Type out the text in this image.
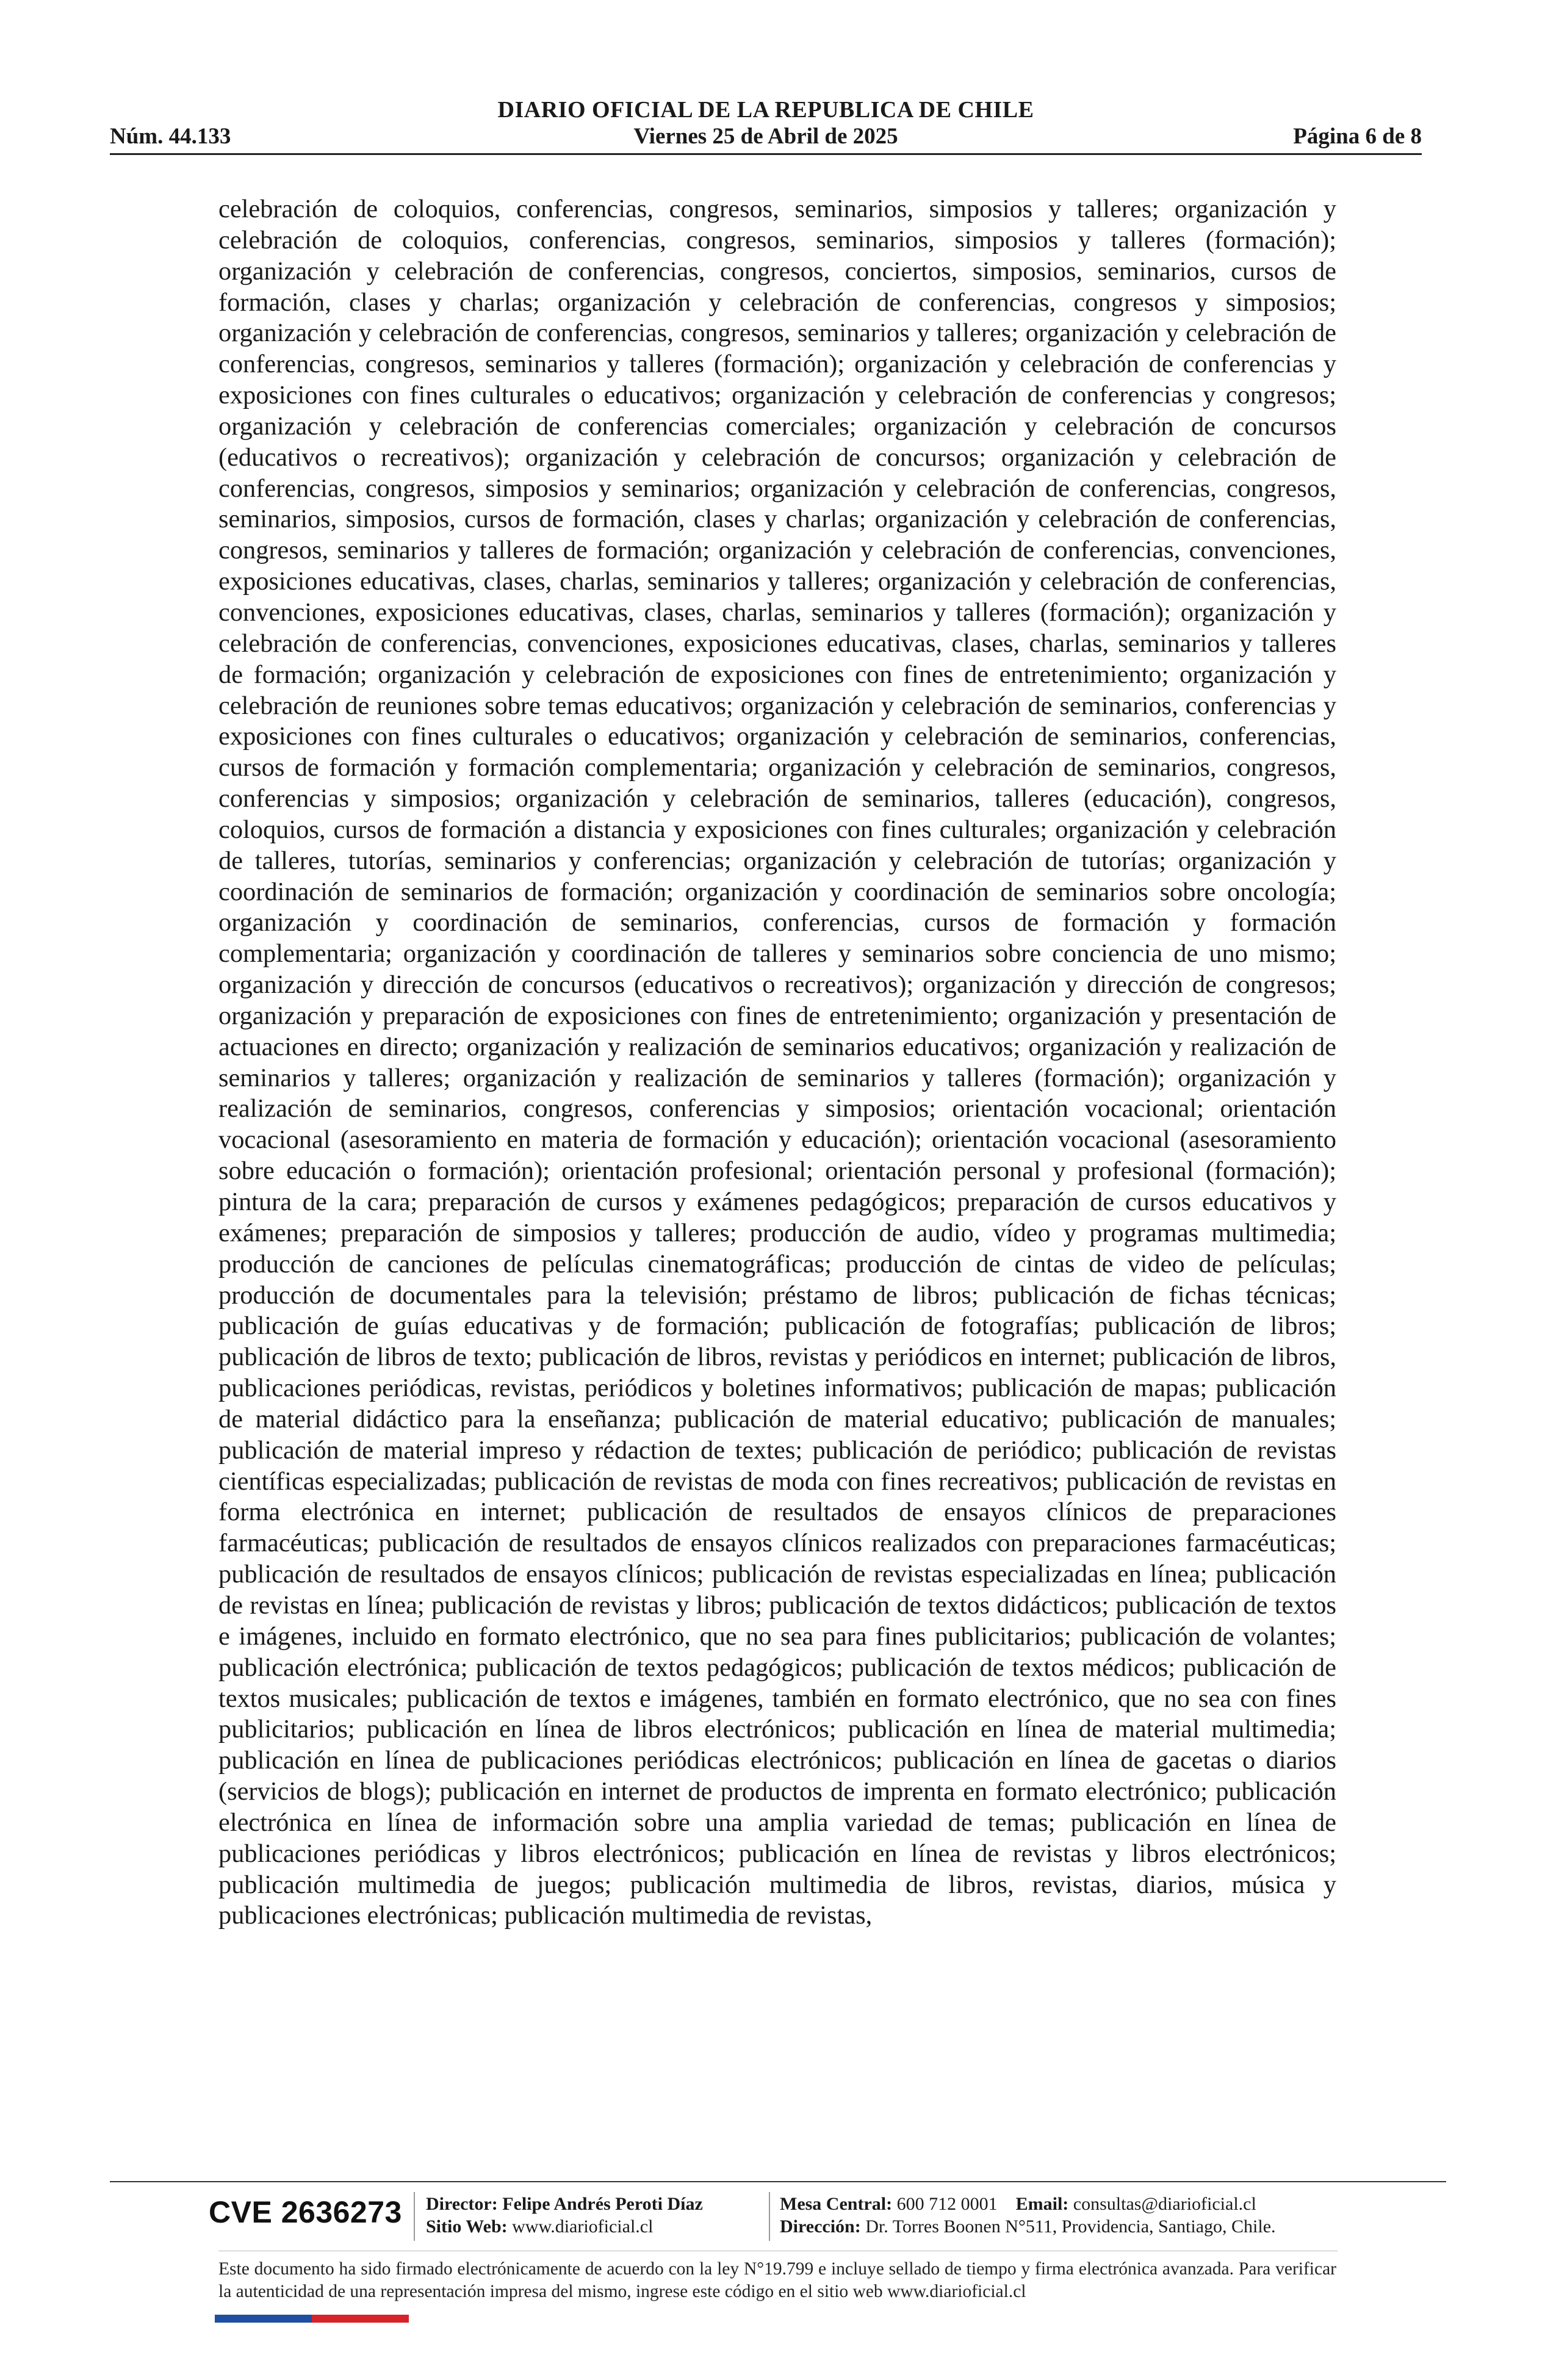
DIARIO OFICIAL DE LA REPUBLICA DE CHILE
Núm. 44.133	Viernes 25 de Abril de 2025	Página 6 de 8

celebración de coloquios, conferencias, congresos, seminarios, simposios y talleres; organización y celebración de coloquios, conferencias, congresos, seminarios, simposios y talleres (formación); organización y celebración de conferencias, congresos, conciertos, simposios, seminarios, cursos de formación, clases y charlas; organización y celebración de conferencias, congresos y simposios; organización y celebración de conferencias, congresos, seminarios y talleres; organización y celebración de conferencias, congresos, seminarios y talleres (formación); organización y celebración de conferencias y exposiciones con fines culturales o educativos; organización y celebración de conferencias y congresos; organización y celebración de conferencias comerciales; organización y celebración de concursos (educativos o recreativos); organización y celebración de concursos; organización y celebración de conferencias, congresos, simposios y seminarios; organización y celebración de conferencias, congresos, seminarios, simposios, cursos de formación, clases y charlas; organización y celebración de conferencias, congresos, seminarios y talleres de formación; organización y celebración de conferencias, convenciones, exposiciones educativas, clases, charlas, seminarios y talleres; organización y celebración de conferencias, convenciones, exposiciones educativas, clases, charlas, seminarios y talleres (formación); organización y celebración de conferencias, convenciones, exposiciones educativas, clases, charlas, seminarios y talleres de formación; organización y celebración de exposiciones con fines de entretenimiento; organización y celebración de reuniones sobre temas educativos; organización y celebración de seminarios, conferencias y exposiciones con fines culturales o educativos; organización y celebración de seminarios, conferencias, cursos de formación y formación complementaria; organización y celebración de seminarios, congresos, conferencias y simposios; organización y celebración de seminarios, talleres (educación), congresos, coloquios, cursos de formación a distancia y exposiciones con fines culturales; organización y celebración de talleres, tutorías, seminarios y conferencias; organización y celebración de tutorías; organización y coordinación de seminarios de formación; organización y coordinación de seminarios sobre oncología; organización y coordinación de seminarios, conferencias, cursos de formación y formación complementaria; organización y coordinación de talleres y seminarios sobre conciencia de uno mismo; organización y dirección de concursos (educativos o recreativos); organización y dirección de congresos; organización y preparación de exposiciones con fines de entretenimiento; organización y presentación de actuaciones en directo; organización y realización de seminarios educativos; organización y realización de seminarios y talleres; organización y realización de seminarios y talleres (formación); organización y realización de seminarios, congresos, conferencias y simposios; orientación vocacional; orientación vocacional (asesoramiento en materia de formación y educación); orientación vocacional (asesoramiento sobre educación o formación); orientación profesional; orientación personal y profesional (formación); pintura de la cara; preparación de cursos y exámenes pedagógicos; preparación de cursos educativos y exámenes; preparación de simposios y talleres; producción de audio, vídeo y programas multimedia; producción de canciones de películas cinematográficas; producción de cintas de video de películas; producción de documentales para la televisión; préstamo de libros; publicación de fichas técnicas; publicación de guías educativas y de formación; publicación de fotografías; publicación de libros; publicación de libros de texto; publicación de libros, revistas y periódicos en internet; publicación de libros, publicaciones periódicas, revistas, periódicos y boletines informativos; publicación de mapas; publicación de material didáctico para la enseñanza; publicación de material educativo; publicación de manuales; publicación de material impreso y rédaction de textes; publicación de periódico; publicación de revistas científicas especializadas; publicación de revistas de moda con fines recreativos; publicación de revistas en forma electrónica en internet; publicación de resultados de ensayos clínicos de preparaciones farmacéuticas; publicación de resultados de ensayos clínicos realizados con preparaciones farmacéuticas; publicación de resultados de ensayos clínicos; publicación de revistas especializadas en línea; publicación de revistas en línea; publicación de revistas y libros; publicación de textos didácticos; publicación de textos e imágenes, incluido en formato electrónico, que no sea para fines publicitarios; publicación de volantes; publicación electrónica; publicación de textos pedagógicos; publicación de textos médicos; publicación de textos musicales; publicación de textos e imágenes, también en formato electrónico, que no sea con fines publicitarios; publicación en línea de libros electrónicos; publicación en línea de material multimedia; publicación en línea de publicaciones periódicas electrónicos; publicación en línea de gacetas o diarios (servicios de blogs); publicación en internet de productos de imprenta en formato electrónico; publicación electrónica en línea de información sobre una amplia variedad de temas; publicación en línea de publicaciones periódicas y libros electrónicos; publicación en línea de revistas y libros electrónicos; publicación multimedia de juegos; publicación multimedia de libros, revistas, diarios, música y publicaciones electrónicas; publicación multimedia de revistas,

CVE 2636273 Director: Felipe Andrés Peroti Díaz
Sitio Web: www.diarioficial.cl
Mesa Central: 600 712 0001 Email: consultas@diarioficial.cl
Dirección: Dr. Torres Boonen N°511, Providencia, Santiago, Chile.

Este documento ha sido firmado electrónicamente de acuerdo con la ley N°19.799 e incluye sellado de tiempo y firma electrónica avanzada. Para verificar la autenticidad de una representación impresa del mismo, ingrese este código en el sitio web www.diarioficial.cl
